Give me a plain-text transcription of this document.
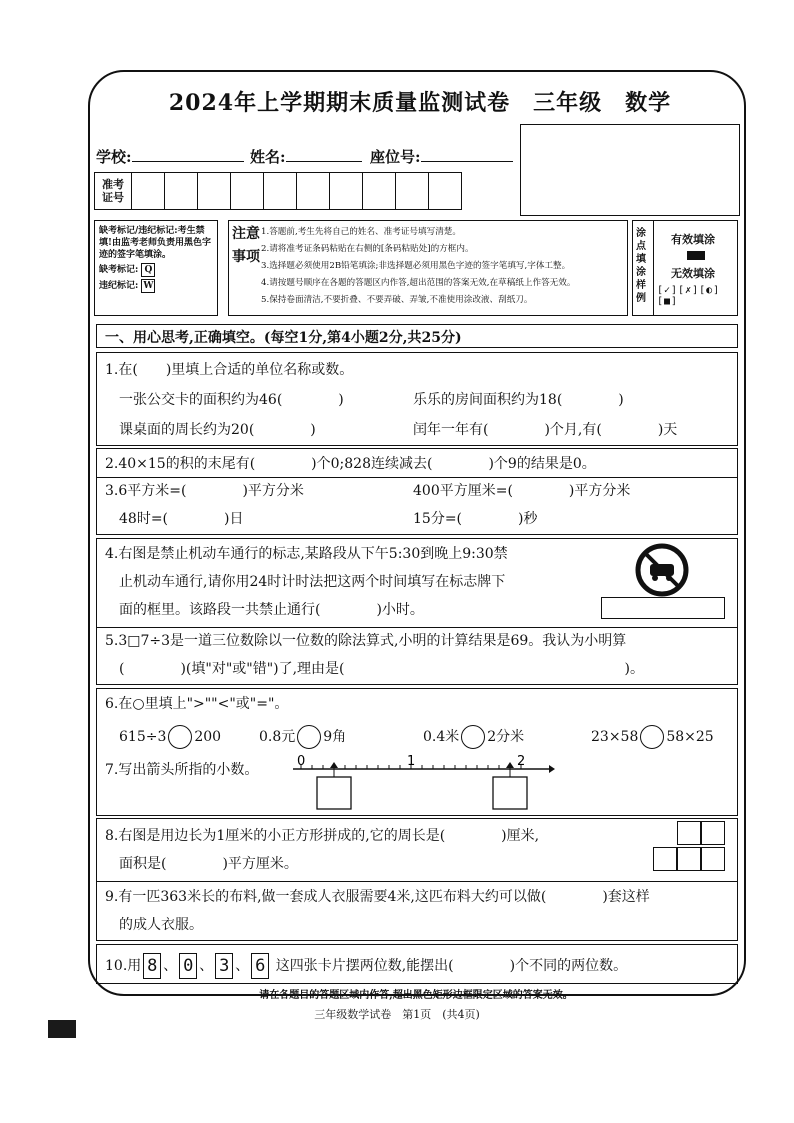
2024年上学期期末质量监测试卷　三年级　数学
学校:	姓名:	座位号:
准考
证号
缺考标记/违纪标记:考生禁填!由监考老师负责用黑色字迹的签字笔填涂。
缺考标记: Q
违纪标记: W
注意事项
1.答题前,考生先将自己的姓名、准考证号填写清楚。
2.请将准考证条码粘贴在右侧的[条码粘贴处]的方框内。
3.选择题必须使用2B铅笔填涂;非选择题必须用黑色字迹的签字笔填写,字体工整。
4.请按题号顺序在各题的答题区内作答,超出范围的答案无效,在草稿纸上作答无效。
5.保持卷面清洁,不要折叠、不要弄破、弄皱,不准使用涂改液、刮纸刀。
涂点填涂样例
有效填涂
无效填涂
[✓][✗][◐][■]
一、用心思考,正确填空。(每空1分,第4小题2分,共25分)
1.在(　　)里填上合适的单位名称或数。
一张公交卡的面积约为46(　　　　)	乐乐的房间面积约为18(　　　　)
课桌面的周长约为20(　　　　)	闰年一年有(　　　　)个月,有(　　　　)天
2.40×15的积的末尾有(　　　　)个0;828连续减去(　　　　)个9的结果是0。
3.6平方米=(　　　　)平方分米	400平方厘米=(　　　　)平方分米
48时=(　　　　)日	15分=(　　　　)秒
4.右图是禁止机动车通行的标志,某路段从下午5:30到晚上9:30禁
止机动车通行,请你用24时计时法把这两个时间填写在标志牌下
面的框里。该路段一共禁止通行(　　　　)小时。
5.3□7÷3是一道三位数除以一位数的除法算式,小明的计算结果是69。我认为小明算
(　　　　)(填"对"或"错")了,理由是(　　　　　　　　　　　　　　　　　　　　)。
6.在○里填上">""<"或"="。
615÷3 200	0.8元 9角	0.4米 2分米	23×58 58×25
7.写出箭头所指的小数。
0	1	2
8.右图是用边长为1厘米的小正方形拼成的,它的周长是(　　　　)厘米,
面积是(　　　　)平方厘米。
9.有一匹363米长的布料,做一套成人衣服需要4米,这匹布料大约可以做(　　　　)套这样
的成人衣服。
10.用 8 、 0 、 3 、 6 这四张卡片摆两位数,能摆出(　　　　)个不同的两位数。
请在各题目的答题区域内作答,超出黑色矩形边框限定区域的答案无效。
三年级数学试卷　第1页　(共4页)
